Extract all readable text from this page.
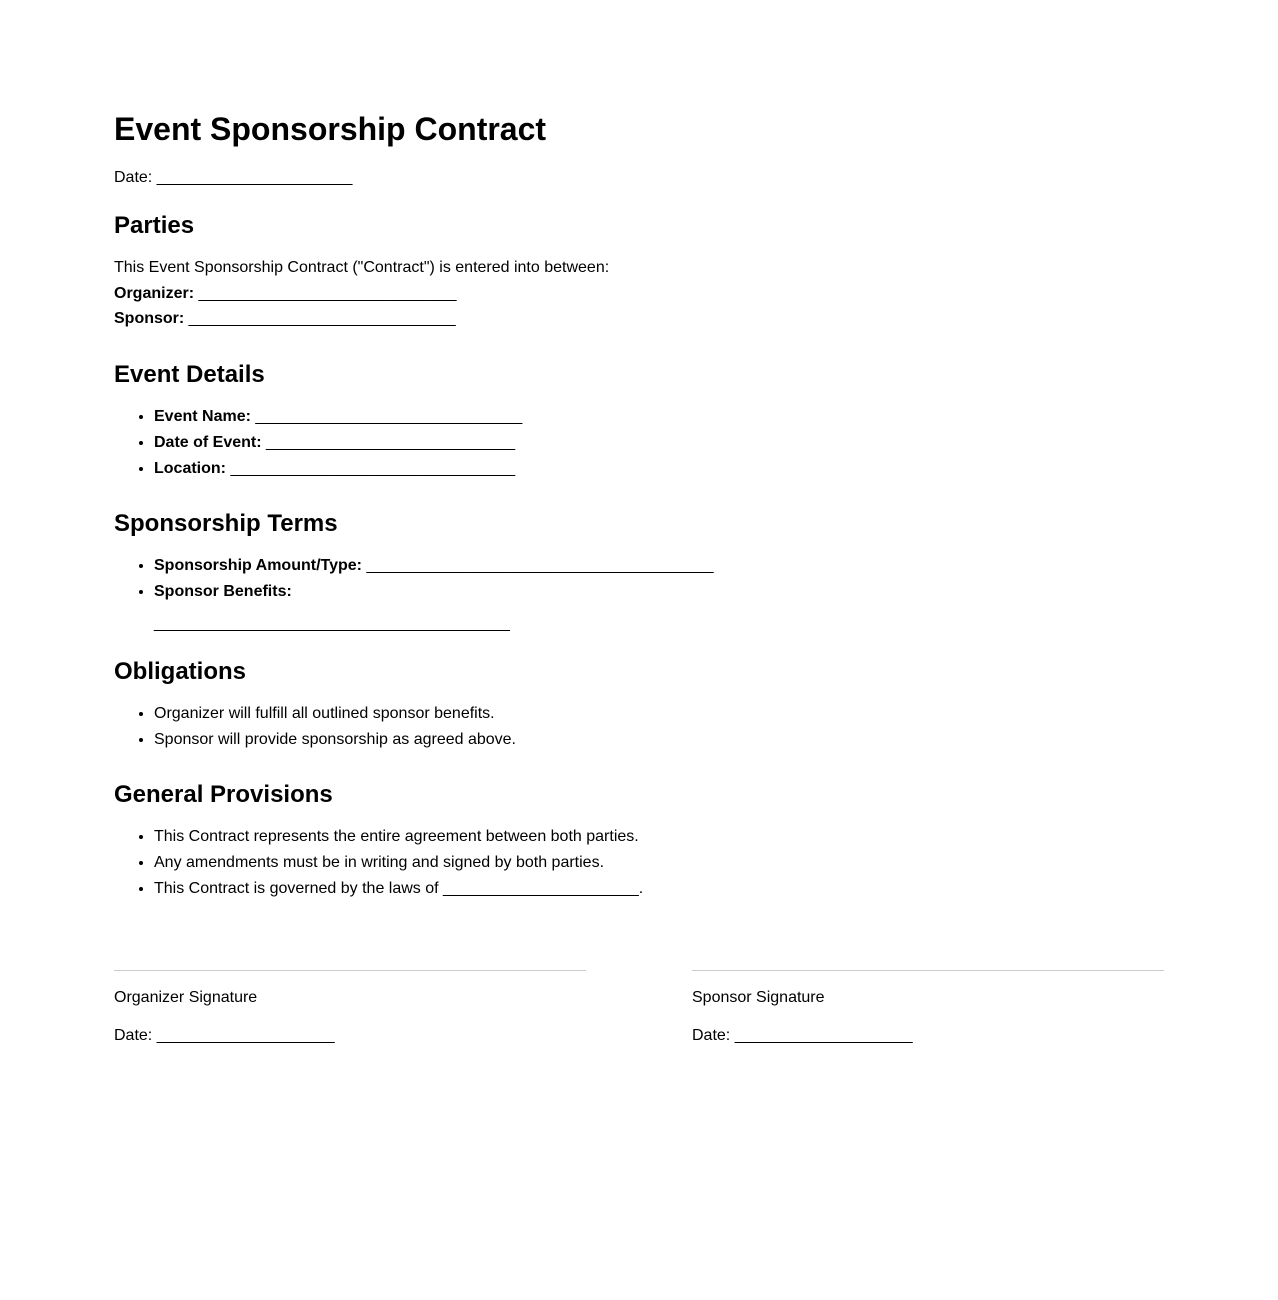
Event Sponsorship Contract

Date: ______________________

Parties

This Event Sponsorship Contract ("Contract") is entered into between:

Organizer: _____________________________

Sponsor: ______________________________

Event Details
• Event Name: ______________________________
• Date of Event: ____________________________
• Location: ________________________________
Sponsorship Terms
• Sponsorship Amount/Type: _______________________________________
• Sponsor Benefits:
________________________________________
Obligations
• Organizer will fulfill all outlined sponsor benefits.
• Sponsor will provide sponsorship as agreed above.
General Provisions
• This Contract represents the entire agreement between both parties.
• Any amendments must be in writing and signed by both parties.
• This Contract is governed by the laws of ______________________.
Organizer Signature
Date: ____________________
Sponsor Signature
Date: ____________________
